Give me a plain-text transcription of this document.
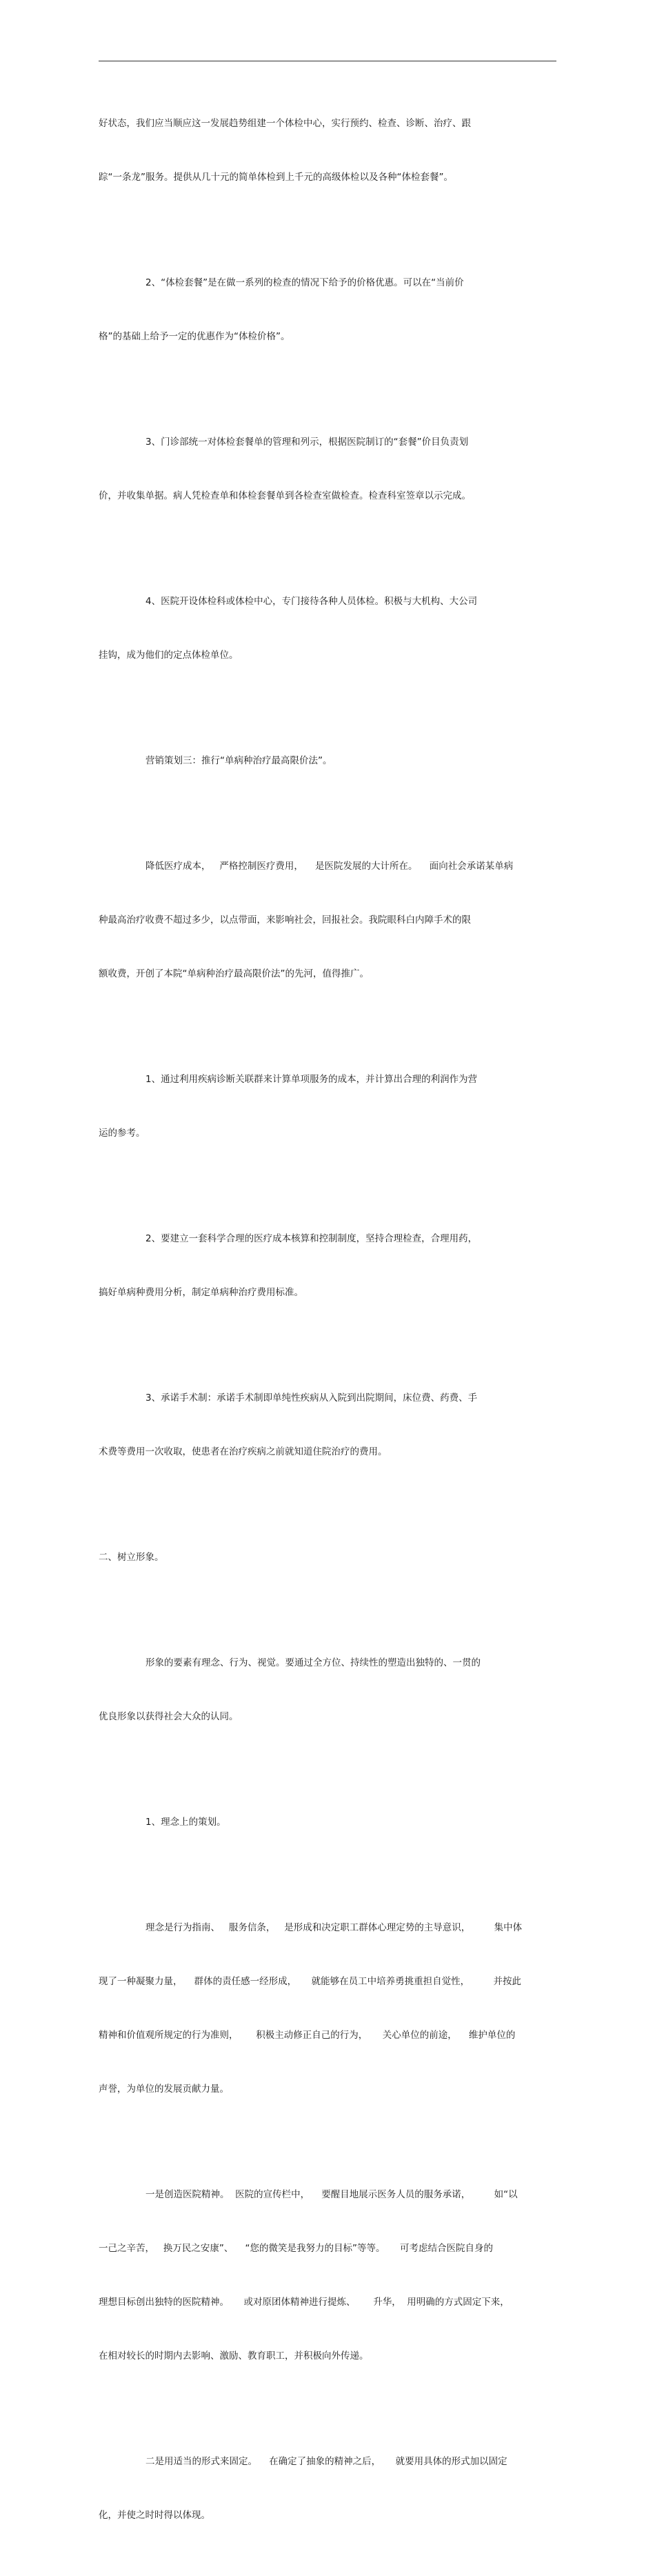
好状态，我们应当顺应这一发展趋势组建一个体检中心，实行预约、检查、诊断、治疗、跟

踪“一条龙”服务。提供从几十元的简单体检到上千元的高级体检以及各种“体检套餐”。

2、“体检套餐”是在做一系列的检查的情况下给予的价格优惠。可以在“当前价

格”的基础上给予一定的优惠作为“体检价格”。

3、门诊部统一对体检套餐单的管理和列示，根据医院制订的“套餐”价目负责划

价，并收集单据。病人凭检查单和体检套餐单到各检查室做检查。检查科室签章以示完成。

4、医院开设体检科或体检中心，专门接待各种人员体检。积极与大机构、大公司

挂钩，成为他们的定点体检单位。

营销策划三：推行“单病种治疗最高限价法”。

降低医疗成本，   严格控制医疗费用，    是医院发展的大计所在。    面向社会承诺某单病

种最高治疗收费不超过多少，以点带面，来影响社会，回报社会。我院眼科白内障手术的限

额收费，开创了本院“单病种治疗最高限价法”的先河，值得推广。

1、通过利用疾病诊断关联群来计算单项服务的成本，并计算出合理的利润作为营

运的参考。

2、要建立一套科学合理的医疗成本核算和控制制度，坚持合理检查，合理用药，

搞好单病种费用分析，制定单病种治疗费用标准。

3、承诺手术制：承诺手术制即单纯性疾病从入院到出院期间，床位费、药费、手

术费等费用一次收取，使患者在治疗疾病之前就知道住院治疗的费用。

二、树立形象。

形象的要素有理念、行为、视觉。要通过全方位、持续性的塑造出独特的、一贯的

优良形象以获得社会大众的认同。

1、理念上的策划。

理念是行为指南、   服务信条，   是形成和决定职工群体心理定势的主导意识，        集中体

现了一种凝聚力量，    群体的责任感一经形成，     就能够在员工中培养勇挑重担自觉性，        并按此

精神和价值观所规定的行为准则，      积极主动修正自己的行为，     关心单位的前途，    维护单位的

声誉，为单位的发展贡献力量。

一是创造医院精神。  医院的宣传栏中，    要醒目地展示医务人员的服务承诺，        如“以

一己之辛苦，   换万民之安康”、    “您的微笑是我努力的目标”等等。     可考虑结合医院自身的

理想目标创出独特的医院精神。     或对原团体精神进行提炼、      升华，  用明确的方式固定下来，

在相对较长的时期内去影响、激励、教育职工，并积极向外传递。

二是用适当的形式来固定。    在确定了抽象的精神之后，     就要用具体的形式加以固定

化，并使之时时得以体现。
